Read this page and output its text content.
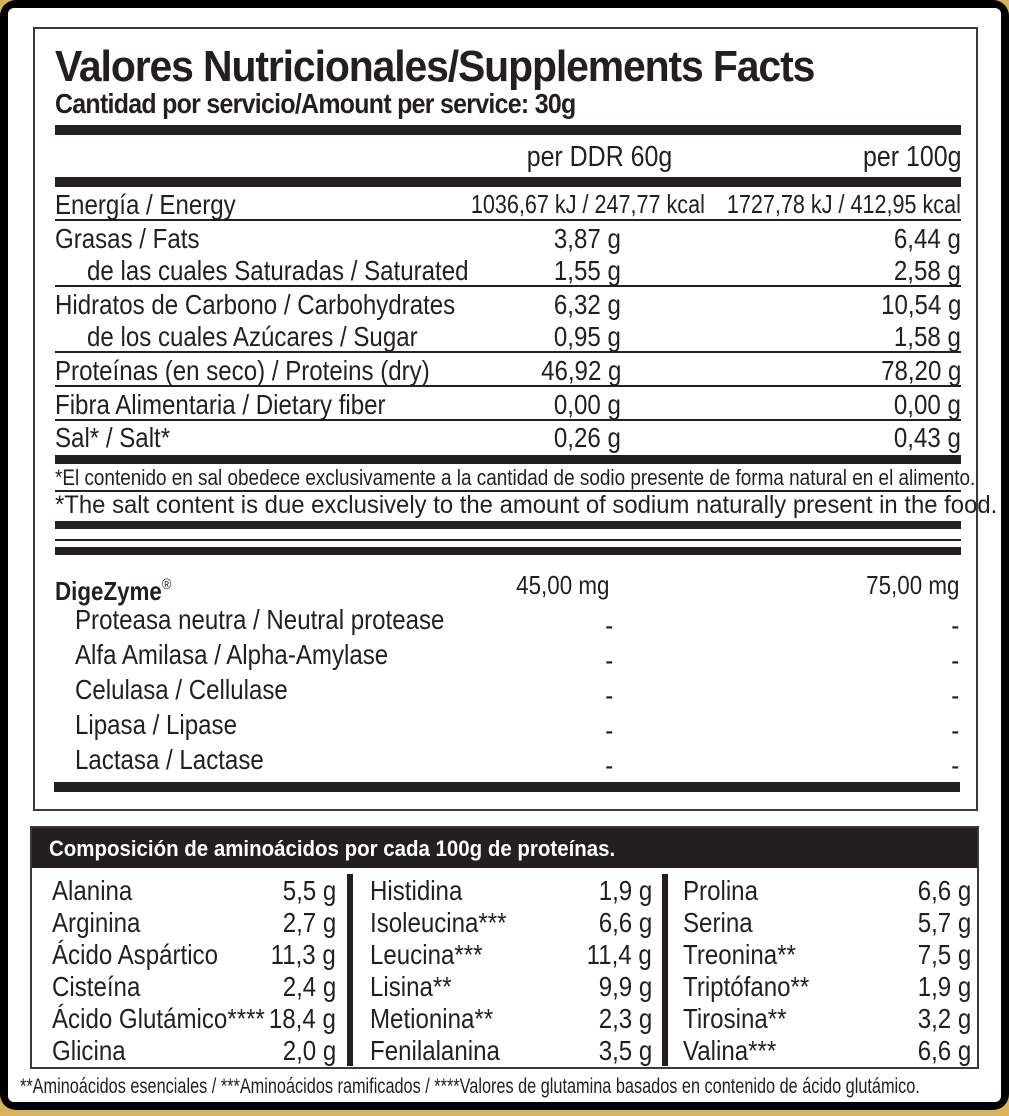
Valores Nutricionales/Supplements Facts
Cantidad por servicio/Amount per service: 30g
per DDR 60g	per 100g
Energía / Energy	1036,67 kJ / 247,77 kcal 1727,78 kJ / 412,95 kcal
Grasas / Fats	3,87 g	6,44 g
de las cuales Saturadas / Saturated	1,55 g	2,58 g
Hidratos de Carbono / Carbohydrates	6,32 g	10,54 g
de los cuales Azúcares / Sugar	0,95 g	1,58 g
Proteínas (en seco) / Proteins (dry)	46,92 g	78,20 g
Fibra Alimentaria / Dietary fiber	0,00 g	0,00 g
Sal* / Salt*	0,26 g	0,43 g
*El contenido en sal obedece exclusivamente a la cantidad de sodio presente de forma natural en el alimento.
*The salt content is due exclusively to the amount of sodium naturally present in the food.
DigeZyme®	45,00 mg	75,00 mg
Proteasa neutra / Neutral protease	-	-
Alfa Amilasa / Alpha-Amylase	-	-
Celulasa / Cellulase	-	-
Lipasa / Lipase	-	-
Lactasa / Lactase	-	-
Composición de aminoácidos por cada 100g de proteínas.
Alanina	5,5 g
Arginina	2,7 g
Ácido Aspártico 11,3 g
Cisteína	2,4 g
Ácido Glutámico**** 18,4 g
Glicina	2,0 g
Histidina	1,9 g
Isoleucina***	6,6 g
Leucina***	11,4 g
Lisina**	9,9 g
Metionina**	2,3 g
Fenilalanina	3,5 g
Prolina	6,6 g
Serina	5,7 g
Treonina**	7,5 g
Triptófano**	1,9 g
Tirosina**	3,2 g
Valina***	6,6 g
**Aminoácidos esenciales / ***Aminoácidos ramificados / ****Valores de glutamina basados en contenido de ácido glutámico.
